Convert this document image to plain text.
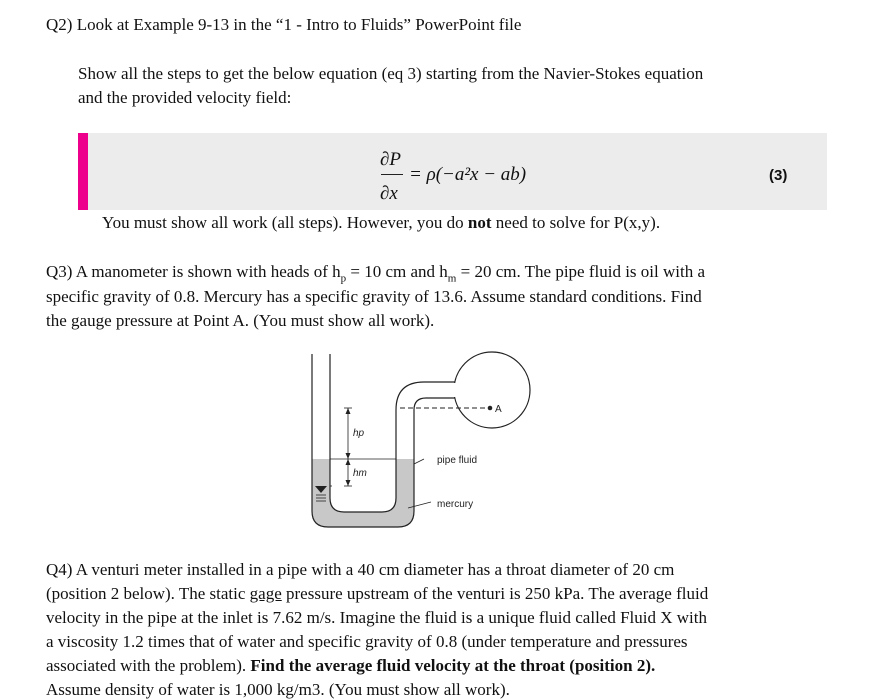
Q2) Look at Example 9-13 in the “1 - Intro to Fluids” PowerPoint file
Show all the steps to get the below equation (eq 3) starting from the Navier-Stokes equation
and the provided velocity field:
∂P
∂x
= ρ(−a²x − ab)	(3)
You must show all work (all steps). However, you do not need to solve for P(x,y).
Q3) A manometer is shown with heads of $h_p = 10$ cm and $h_m = 20$ cm. The pipe fluid is oil with a
specific gravity of 0.8. Mercury has a specific gravity of 13.6. Assume standard conditions. Find
the gauge pressure at Point A. (You must show all work).
A
hp
hm
pipe fluid
mercury
Q4) A venturi meter installed in a pipe with a 40 cm diameter has a throat diameter of 20 cm
(position 2 below). The static gage pressure upstream of the venturi is 250 kPa. The average fluid
velocity in the pipe at the inlet is 7.62 m/s. Imagine the fluid is a unique fluid called Fluid X with
a viscosity 1.2 times that of water and specific gravity of 0.8 (under temperature and pressures
associated with the problem). Find the average fluid velocity at the throat (position 2).
Assume density of water is 1,000 kg/m3. (You must show all work).
